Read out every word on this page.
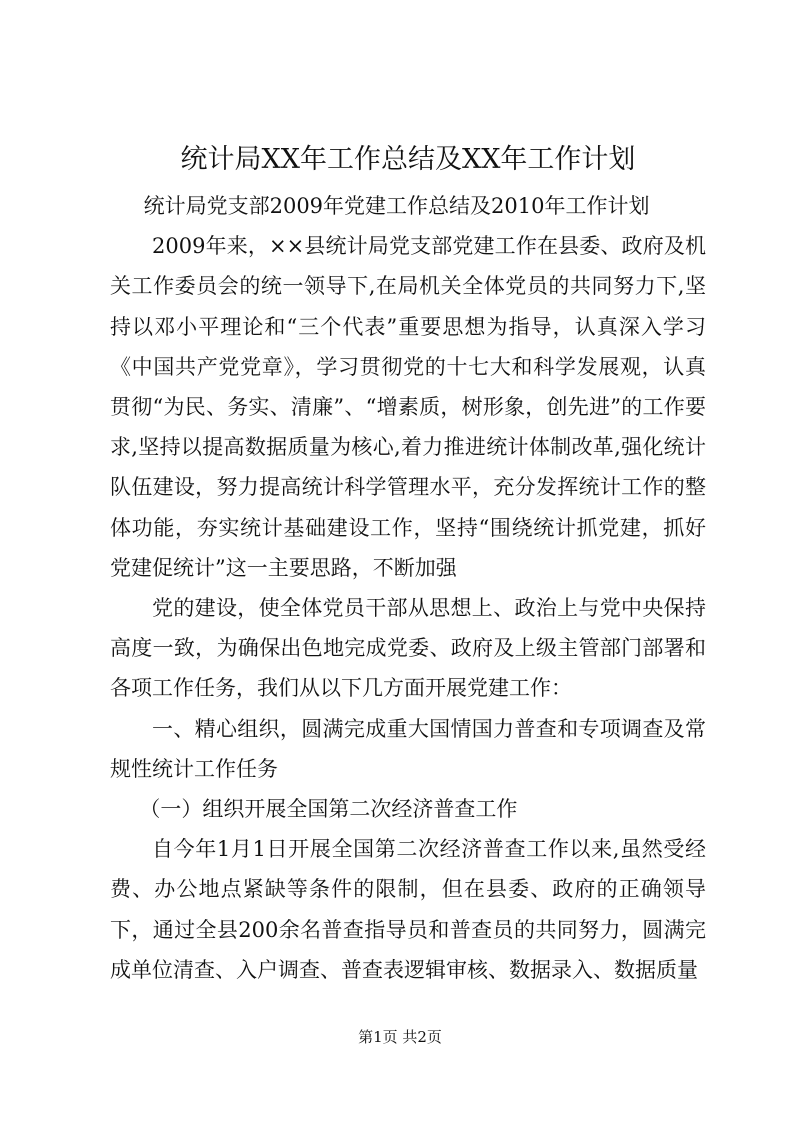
统计局XX年工作总结及XX年工作计划

统计局党支部2009年党建工作总结及2010年工作计划

2009年来，××县统计局党支部党建工作在县委、政府及机关工作委员会的统一领导下,在局机关全体党员的共同努力下,坚持以邓小平理论和“三个代表”重要思想为指导，认真深入学习《中国共产党党章》，学习贯彻党的十七大和科学发展观，认真贯彻“为民、务实、清廉”、“增素质，树形象，创先进”的工作要求,坚持以提高数据质量为核心,着力推进统计体制改革,强化统计队伍建设，努力提高统计科学管理水平，充分发挥统计工作的整体功能，夯实统计基础建设工作，坚持“围绕统计抓党建，抓好党建促统计”这一主要思路，不断加强

党的建设，使全体党员干部从思想上、政治上与党中央保持高度一致，为确保出色地完成党委、政府及上级主管部门部署和各项工作任务，我们从以下几方面开展党建工作：

一、精心组织，圆满完成重大国情国力普查和专项调查及常规性统计工作任务

（一）组织开展全国第二次经济普查工作

自今年1月1日开展全国第二次经济普查工作以来,虽然受经费、办公地点紧缺等条件的限制，但在县委、政府的正确领导下，通过全县200余名普查指导员和普查员的共同努力，圆满完成单位清查、入户调查、普查表逻辑审核、数据录入、数据质量

第1页 共2页
